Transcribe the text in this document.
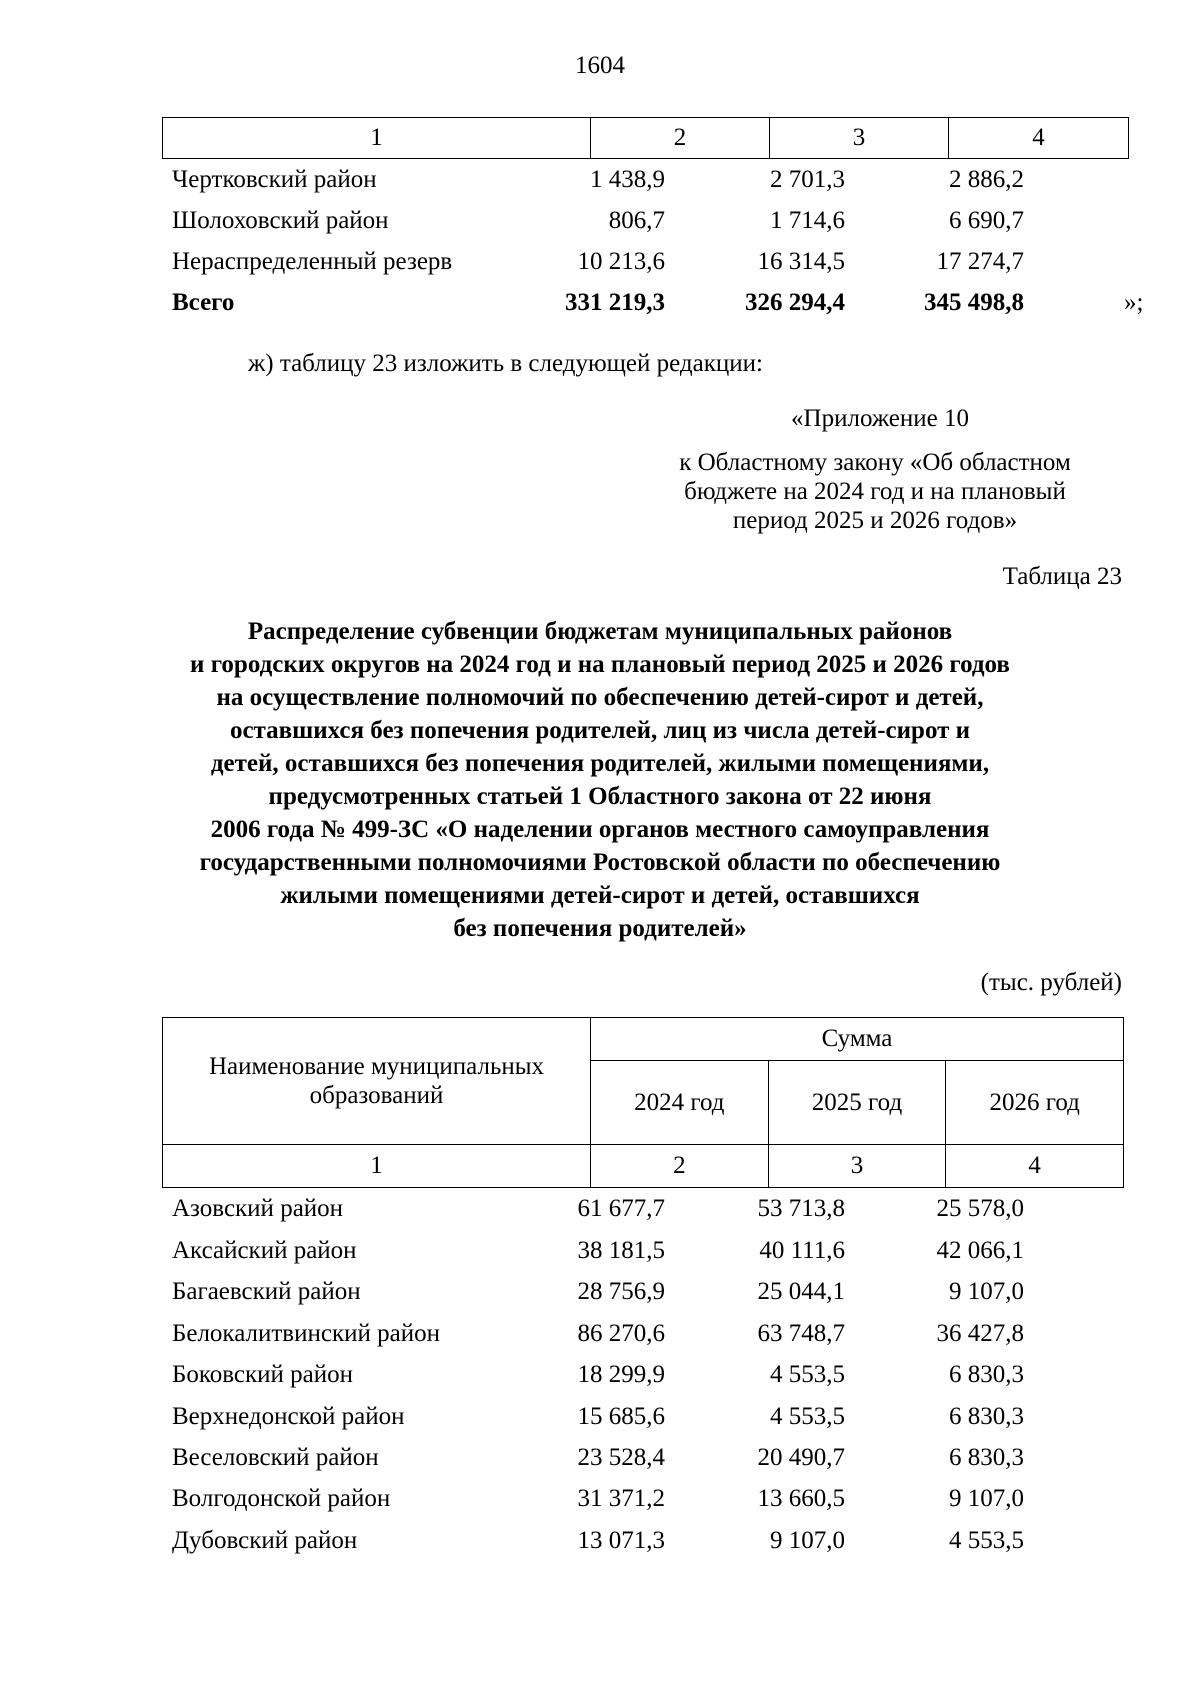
1604
1	2	3	4
Чертковский район	1 438,9	2 701,3	2 886,2
Шолоховский район	806,7	1 714,6	6 690,7
Нераспределенный резерв	10 213,6	16 314,5	17 274,7
Всего	331 219,3	326 294,4	345 498,8	»;
ж) таблицу 23 изложить в следующей редакции:
«Приложение 10
к Областному закону «Об областном
бюджете на 2024 год и на плановый
период 2025 и 2026 годов»
Таблица 23
Распределение субвенции бюджетам муниципальных районов
и городских округов на 2024 год и на плановый период 2025 и 2026 годов
на осуществление полномочий по обеспечению детей-сирот и детей,
оставшихся без попечения родителей, лиц из числа детей-сирот и
детей, оставшихся без попечения родителей, жилыми помещениями,
предусмотренных статьей 1 Областного закона от 22 июня
2006 года № 499-ЗС «О наделении органов местного самоуправления
государственными полномочиями Ростовской области по обеспечению
жилыми помещениями детей-сирот и детей, оставшихся
без попечения родителей»
(тыс. рублей)
Наименование муниципальных
образований	Сумма		
	2024 год	2025 год	2026 год
1	2	3	4
Азовский район	61 677,7	53 713,8	25 578,0
Аксайский район	38 181,5	40 111,6	42 066,1
Багаевский район	28 756,9	25 044,1	9 107,0
Белокалитвинский район	86 270,6	63 748,7	36 427,8
Боковский район	18 299,9	4 553,5	6 830,3
Верхнедонской район	15 685,6	4 553,5	6 830,3
Веселовский район	23 528,4	20 490,7	6 830,3
Волгодонской район	31 371,2	13 660,5	9 107,0
Дубовский район	13 071,3	9 107,0	4 553,5
